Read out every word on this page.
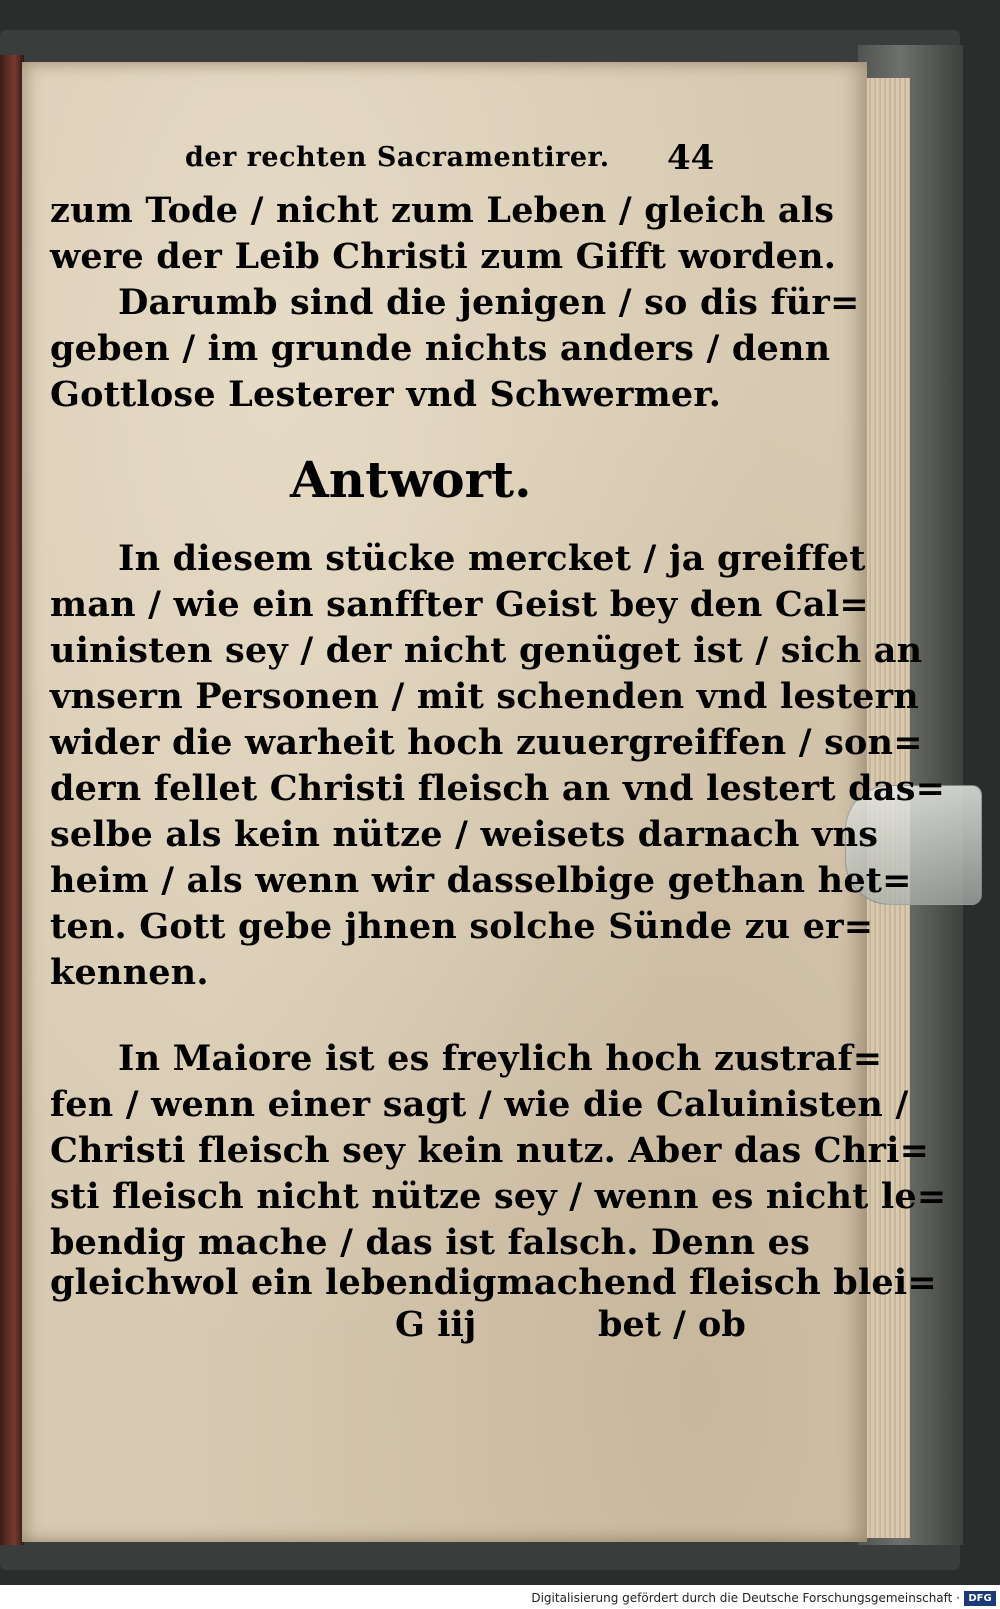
der rechten Sacramentirer. 44
zum Tode / nicht zum Leben / gleich als
were der Leib Christi zum Gifft worden.
Darumb sind die jenigen / so dis für=
geben / im grunde nichts anders / denn
Gottlose Lesterer vnd Schwermer.
Antwort.
In diesem stücke mercket / ja greiffet
man / wie ein sanffter Geist bey den Cal=
uinisten sey / der nicht genüget ist / sich an
vnsern Personen / mit schenden vnd lestern
wider die warheit hoch zuuergreiffen / son=
dern fellet Christi fleisch an vnd lestert das=
selbe als kein nütze / weisets darnach vns
heim / als wenn wir dasselbige gethan het=
ten. Gott gebe jhnen solche Sünde zu er=
kennen.
In Maiore ist es freylich hoch zustraf=
fen / wenn einer sagt / wie die Caluinisten /
Christi fleisch sey kein nutz. Aber das Chri=
sti fleisch nicht nütze sey / wenn es nicht le=
bendig mache / das ist falsch. Denn es
gleichwol ein lebendigmachend fleisch blei=
G iij	bet / ob
Digitalisierung gefördert durch die Deutsche Forschungsgemeinschaft · DFG
